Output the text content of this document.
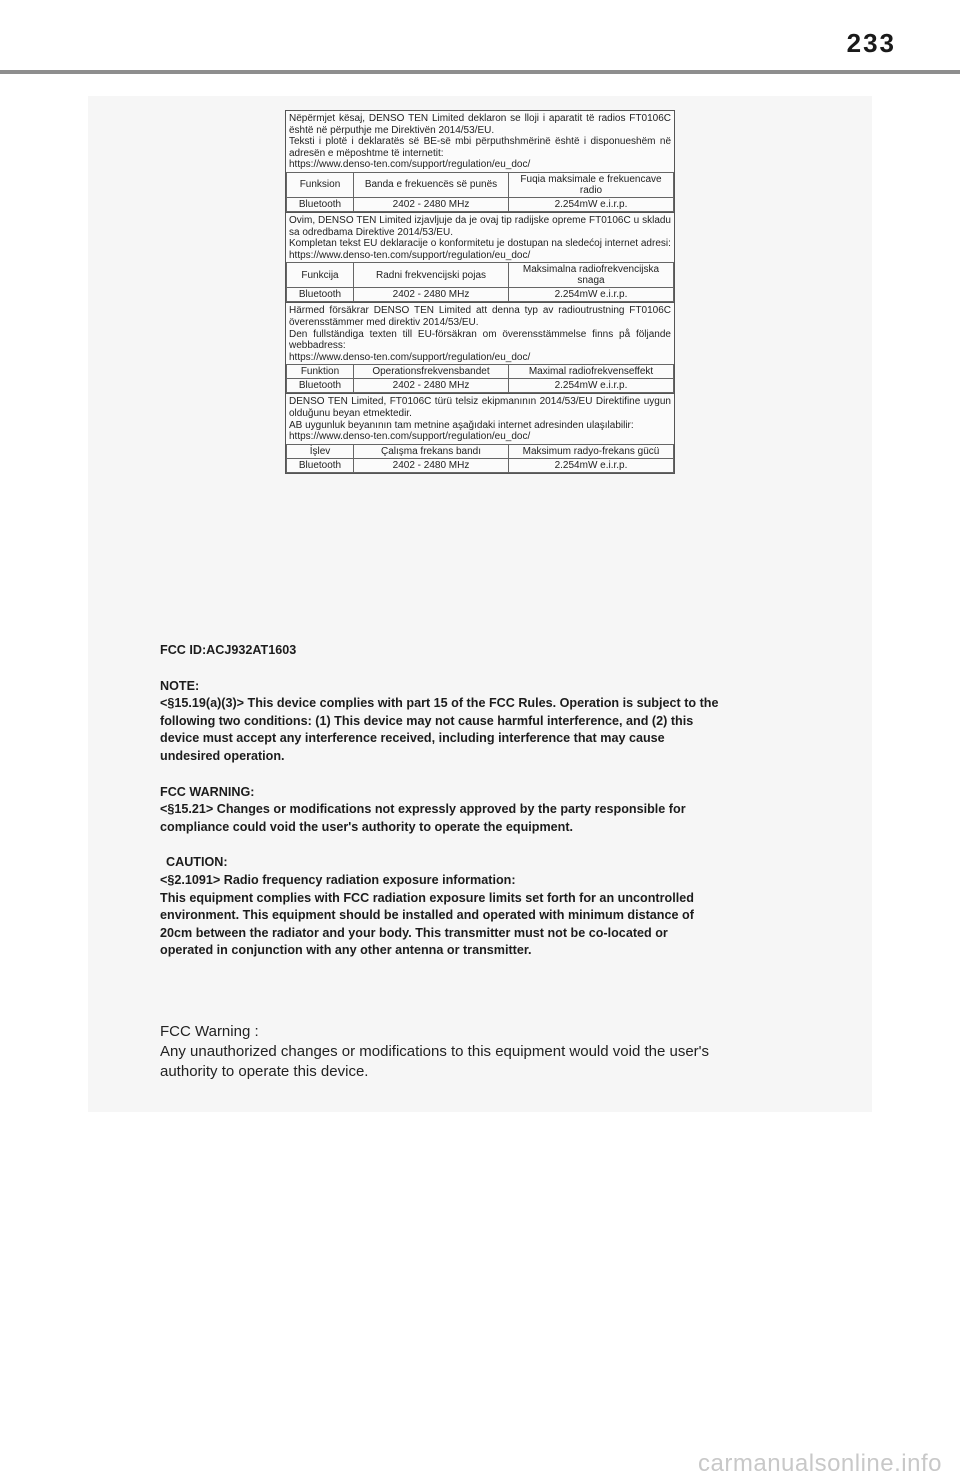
233

Nëpërmjet kësaj, DENSO TEN Limited deklaron se lloji i aparatit të radios FT0106C është në përputhje me Direktivën 2014/53/EU.

Teksti i plotë i deklaratës së BE-së mbi përputhshmërinë është i disponueshëm në adresën e mëposhtme të internetit:

https://www.denso-ten.com/support/regulation/eu_doc/
Funksion	Banda e frekuencës së punës	Fuqia maksimale e frekuencave radio
Bluetooth	2402 - 2480 MHz	2.254mW e.i.r.p.

Ovim, DENSO TEN Limited izjavljuje da je ovaj tip radijske opreme FT0106C u skladu sa odredbama Direktive 2014/53/EU.

Kompletan tekst EU deklaracije o konformitetu je dostupan na sledećoj internet adresi:

https://www.denso-ten.com/support/regulation/eu_doc/
Funkcija	Radni frekvencijski pojas	Maksimalna radiofrekvencijska snaga
Bluetooth	2402 - 2480 MHz	2.254mW e.i.r.p.

Härmed försäkrar DENSO TEN Limited att denna typ av radioutrustning FT0106C överensstämmer med direktiv 2014/53/EU.

Den fullständiga texten till EU-försäkran om överensstämmelse finns på följande webbadress:

https://www.denso-ten.com/support/regulation/eu_doc/
Funktion	Operationsfrekvensbandet	Maximal radiofrekvenseffekt
Bluetooth	2402 - 2480 MHz	2.254mW e.i.r.p.

DENSO TEN Limited, FT0106C türü telsiz ekipmanının 2014/53/EU Direktifine uygun olduğunu beyan etmektedir.

AB uygunluk beyanının tam metnine aşağıdaki internet adresinden ulaşılabilir:

https://www.denso-ten.com/support/regulation/eu_doc/
İşlev	Çalışma frekans bandı	Maksimum radyo-frekans gücü
Bluetooth	2402 - 2480 MHz	2.254mW e.i.r.p.

FCC ID:ACJ932AT1603

NOTE:

<§15.19(a)(3)> This device complies with part 15 of the FCC Rules. Operation is subject to the following two conditions: (1) This device may not cause harmful interference, and (2) this device must accept any interference received, including interference that may cause undesired operation.

FCC WARNING:

<§15.21> Changes or modifications not expressly approved by the party responsible for compliance could void the user's authority to operate the equipment.

CAUTION:

<§2.1091> Radio frequency radiation exposure information:

This equipment complies with FCC radiation exposure limits set forth for an uncontrolled environment. This equipment should be installed and operated with minimum distance of 20cm between the radiator and your body. This transmitter must not be co-located or operated in conjunction with any other antenna or transmitter.

FCC Warning :

Any unauthorized changes or modifications to this equipment would void the user's authority to operate this device.

carmanualsonline.info
